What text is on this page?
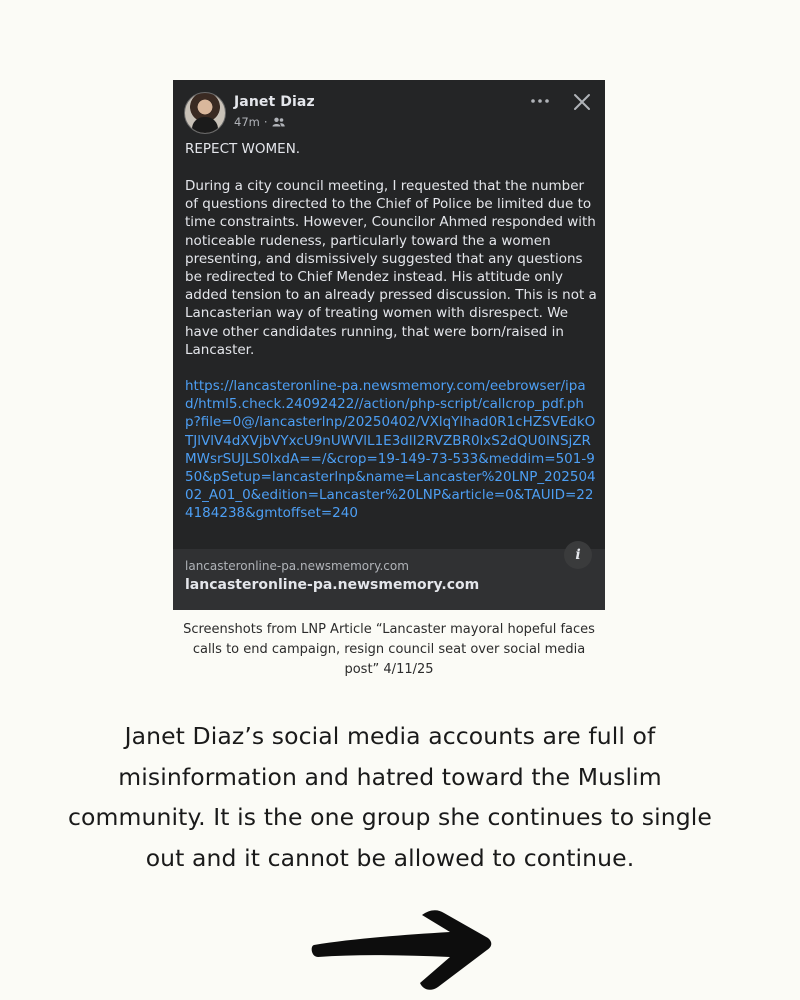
Janet Diaz
47m ·
REPECT WOMEN.
During a city council meeting, I requested that the number of questions directed to the Chief of Police be limited due to time constraints. However, Councilor Ahmed responded with noticeable rudeness, particularly toward the a women presenting, and dismissively suggested that any questions be redirected to Chief Mendez instead. His attitude only added tension to an already pressed discussion. This is not a Lancasterian way of treating women with disrespect. We have other candidates running, that were born/raised in Lancaster.
https://lancasteronline-pa.newsmemory.com/eebrowser/ipad/html5.check.24092422//action/php-script/callcrop_pdf.php?file=0@/lancasterlnp/20250402/VXlqYlhad0R1cHZSVEdkOTJlVlV4dXVjbVYxcU9nUWVlL1E3dlI2RVZBR0lxS2dQU0lNSjZRMWsrSUJLS0lxdA==/&crop=19-149-73-533&meddim=501-950&pSetup=lancasterlnp&name=Lancaster%20LNP_20250402_A01_0&edition=Lancaster%20LNP&article=0&TAUID=224184238&gmtoffset=240
lancasteronline-pa.newsmemory.com
lancasteronline-pa.newsmemory.com
i
Screenshots from LNP Article “Lancaster mayoral hopeful faces calls to end campaign, resign council seat over social media post” 4/11/25
Janet Diaz’s social media accounts are full of misinformation and hatred toward the Muslim community. It is the one group she continues to single out and it cannot be allowed to continue.
